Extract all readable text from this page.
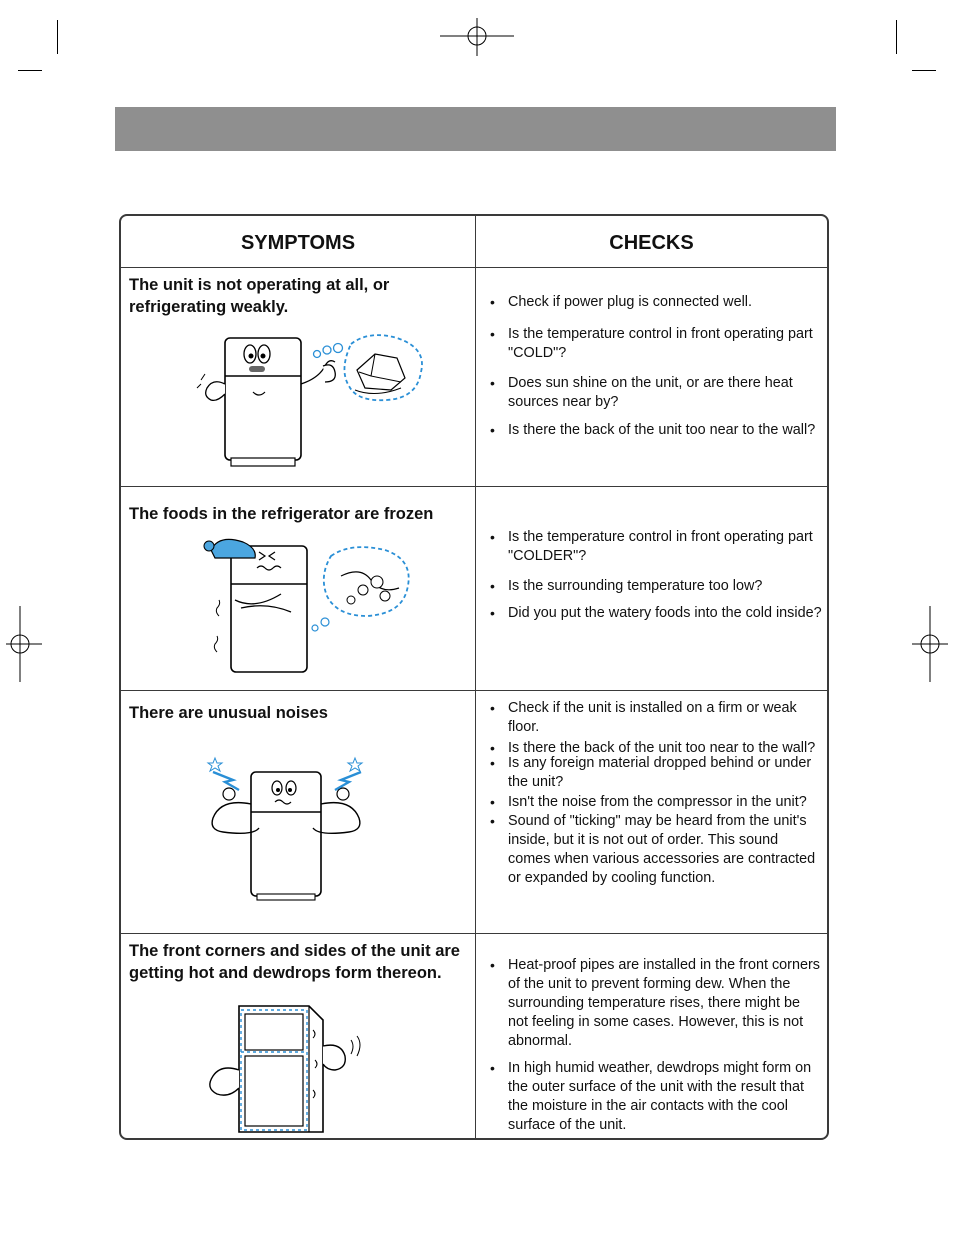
SYMPTOMS	CHECKS
The unit is not operating at all, or refrigerating weakly.	• Check if power plug is connected well.
• Is the temperature control in front operating part "COLD"?
• Does sun shine on the unit, or are there heat sources near by?
• Is there the back of the unit too near to the wall?
The foods in the refrigerator are frozen
• Is the temperature control in front operating part "COLDER"?
• Is the surrounding temperature too low?
• Did you put the watery foods into the cold inside?
There are unusual noises	• Check if the unit is installed on a firm or weak floor.
• Is there the back of the unit too near to the wall?
• Is any foreign material dropped behind or under the unit?
• Isn't the noise from the compressor in the unit?
• Sound of "ticking" may be heard from the unit's inside, but it is not out of order. This sound comes when various accessories are contracted or expanded by cooling function.
The front corners and sides of the unit are getting hot and dewdrops form thereon.	• Heat-proof pipes are installed in the front corners of the unit to prevent forming dew. When the surrounding temperature rises, there might be not feeling in some cases. However, this is not abnormal.
• In high humid weather, dewdrops might form on the outer surface of the unit with the result that the moisture in the air contacts with the cool surface of the unit.
